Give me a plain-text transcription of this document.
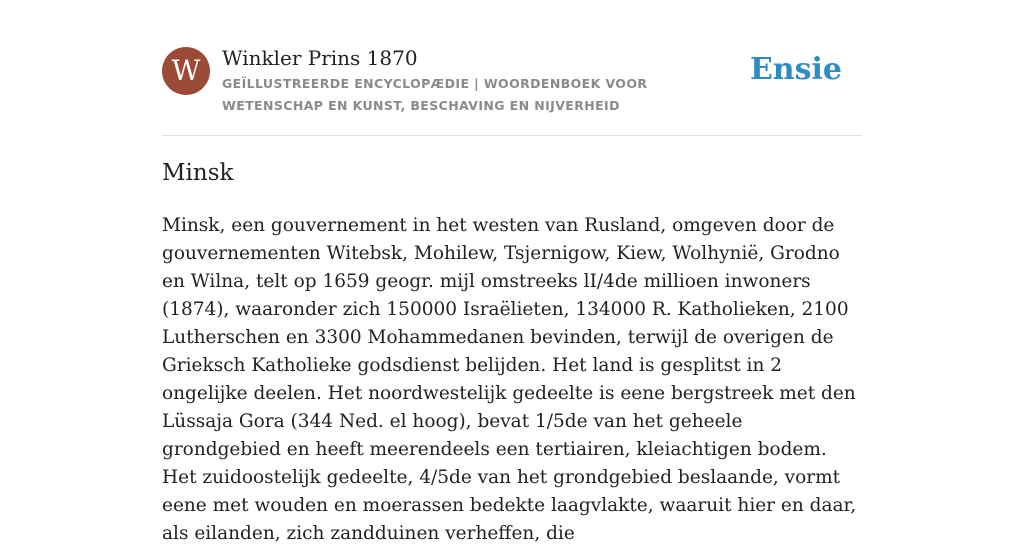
W	Winkler Prins 1870
GEÏLLUSTREERDE ENCYCLOPÆDIE | WOORDENBOEK VOOR WETENSCHAP EN KUNST, BESCHAVING EN NIJVERHEID
Ensie
Minsk

Minsk, een gouvernement in het westen van Rusland, omgeven door de gouvernementen Witebsk, Mohilew, Tsjernigow, Kiew, Wolhynië, Grodno en Wilna, telt op 1659 geogr. mijl omstreeks lI/4de millioen inwoners (1874), waaronder zich 150000 Israëlieten, 134000 R. Katholieken, 2100 Lutherschen en 3300 Mohammedanen bevinden, terwijl de overigen de Grieksch Katholieke godsdienst belijden. Het land is gesplitst in 2 ongelijke deelen. Het noordwestelijk gedeelte is eene bergstreek met den Lüssaja Gora (344 Ned. el hoog), bevat 1/5de van het geheele grondgebied en heeft meerendeels een tertiairen, kleiachtigen bodem. Het zuidoostelijk gedeelte, 4/5de van het grondgebied beslaande, vormt eene met wouden en moerassen bedekte laagvlakte, waaruit hier en daar, als eilanden, zich zandduinen verheffen, die
